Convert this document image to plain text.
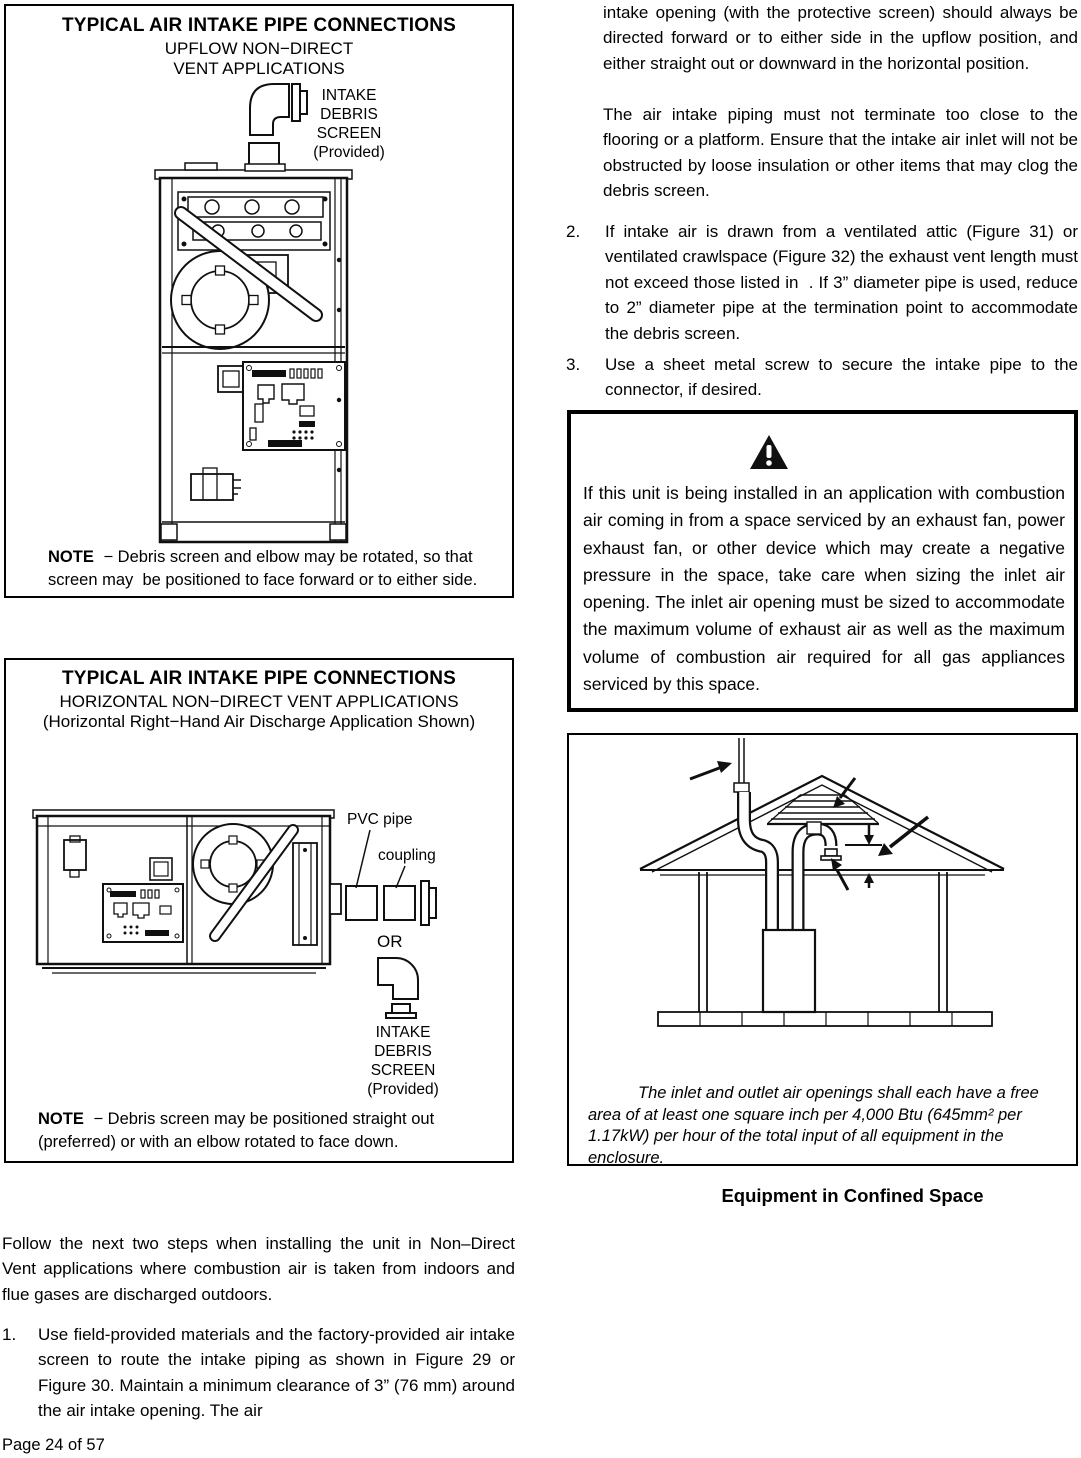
TYPICAL AIR INTAKE PIPE CONNECTIONS
UPFLOW NON−DIRECT
VENT APPLICATIONS
INTAKE
DEBRIS
SCREEN
(Provided)
NOTE − Debris screen and elbow may be rotated, so that screen may  be positioned to face forward or to either side.
TYPICAL AIR INTAKE PIPE CONNECTIONS
HORIZONTAL NON−DIRECT VENT APPLICATIONS
(Horizontal Right−Hand Air Discharge Application Shown)
PVC pipe
coupling
OR
INTAKE
DEBRIS
SCREEN
(Provided)
NOTE − Debris screen may be positioned straight out (preferred) or with an elbow rotated to face down.
intake opening (with the protective screen) should always be directed forward or to either side in the upflow position, and either straight out or downward in the horizontal position.
The air intake piping must not terminate too close to the flooring or a platform. Ensure that the intake air inlet will not be obstructed by loose insulation or other items that may clog the debris screen.
2. If intake air is drawn from a ventilated attic (Figure 31) or ventilated crawlspace (Figure 32) the exhaust vent length must not exceed those listed in  . If 3” diameter pipe is used, reduce to 2” diameter pipe at the termination point to accommodate the debris screen.
3. Use a sheet metal screw to secure the intake pipe to the connector, if desired.
If this unit is being installed in an application with combustion air coming in from a space serviced by an exhaust fan, power exhaust fan, or other device which may create a negative pressure in the space, take care when sizing the inlet air opening. The inlet air opening must be sized to accommodate the maximum volume of exhaust air as well as the maximum volume of combustion air required for all gas appliances serviced by this space.
The inlet and outlet air openings shall each have a free area of at least one square inch per 4,000 Btu (645mm² per 1.17kW) per hour of the total input of all equipment in the enclosure.
Equipment in Confined Space
Follow the next two steps when installing the unit in Non–Direct Vent applications where combustion air is taken from indoors and flue gases are discharged outdoors.
1. Use field-provided materials and the factory-provided air intake screen to route the intake piping as shown in Figure 29 or Figure 30. Maintain a minimum clearance of 3” (76 mm) around the air intake opening. The air
Page 24 of 57
